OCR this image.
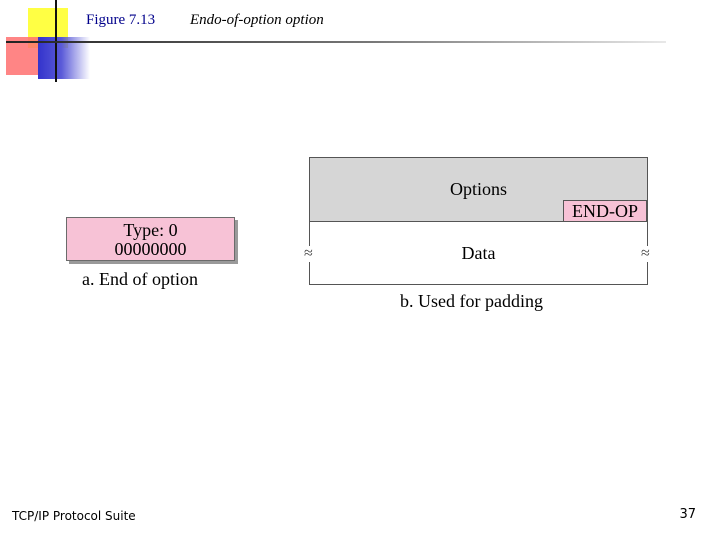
Figure 7.13 Endo-of-option option
Type: 0
00000000
a. End of option
Options
END-OP
Data
≈	≈
b. Used for padding
TCP/IP Protocol Suite	37
